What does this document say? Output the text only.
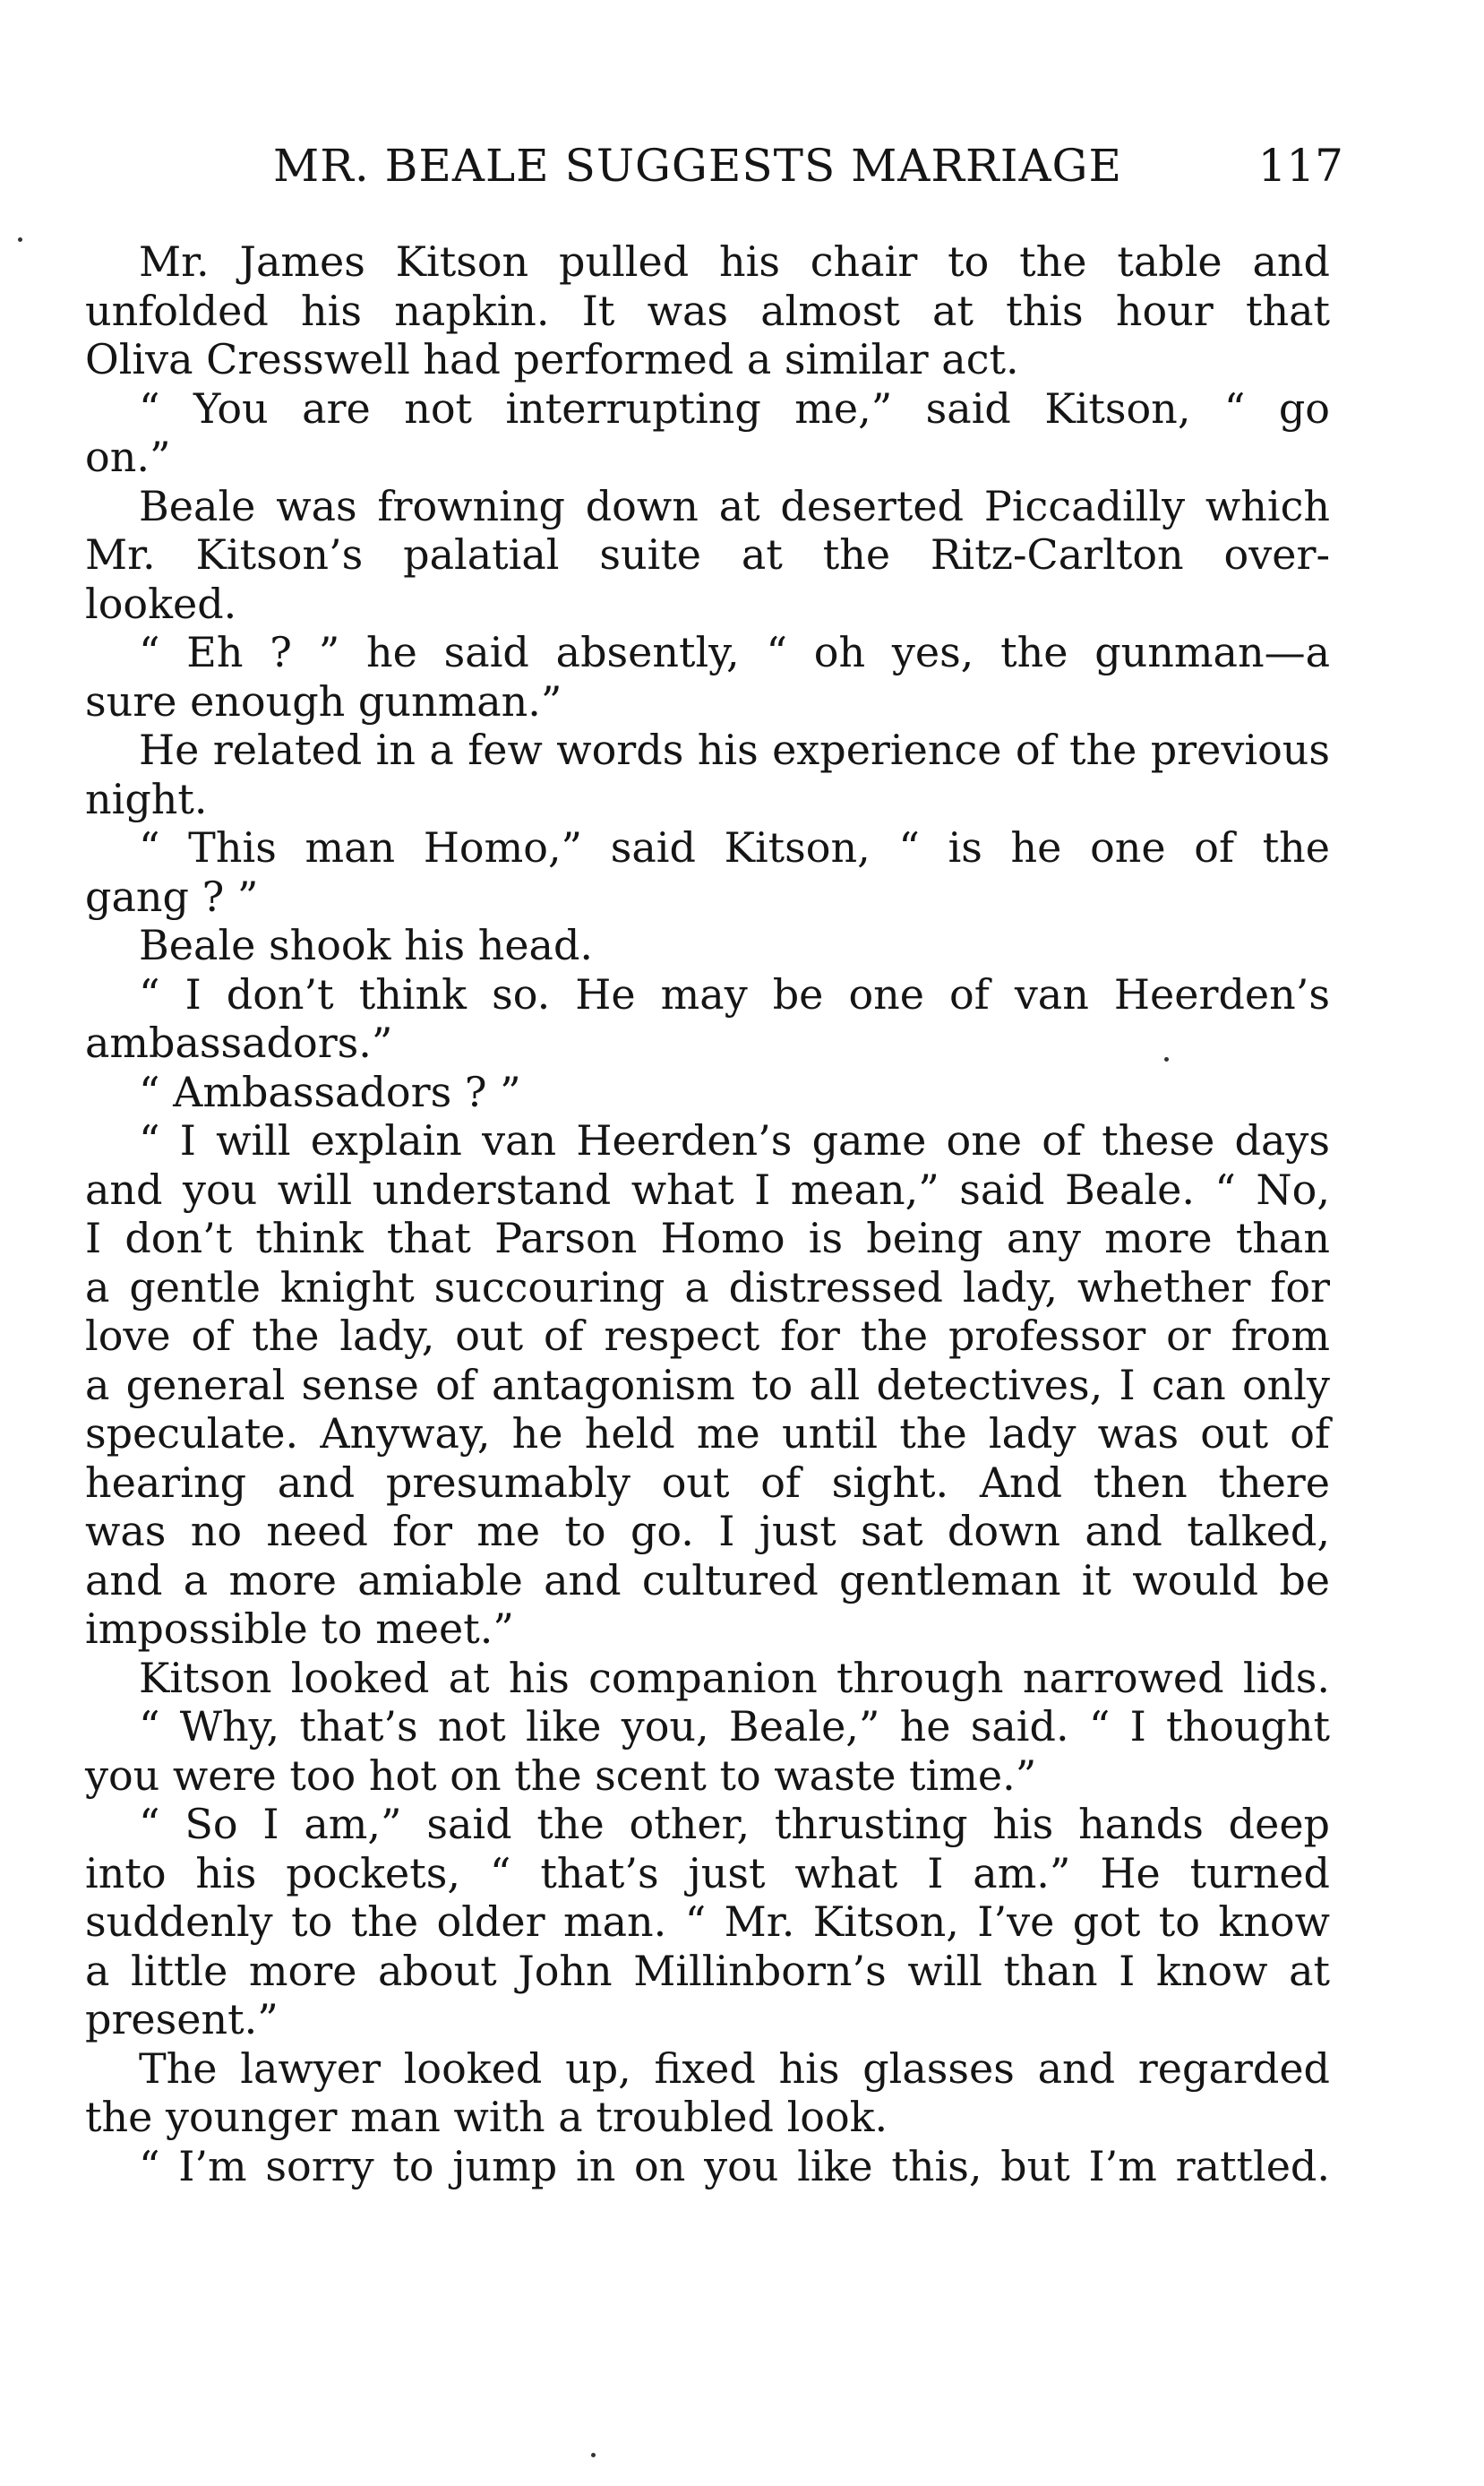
MR. BEALE SUGGESTS MARRIAGE	117
Mr. James Kitson pulled his chair to the table and
unfolded his napkin. It was almost at this hour that
Oliva Cresswell had performed a similar act.
“ You are not interrupting me,” said Kitson, “ go
on.”
Beale was frowning down at deserted Piccadilly which
Mr. Kitson’s palatial suite at the Ritz-Carlton over-
looked.
“ Eh ? ” he said absently, “ oh yes, the gunman—a
sure enough gunman.”
He related in a few words his experience of the previous
night.
“ This man Homo,” said Kitson, “ is he one of the
gang ? ”
Beale shook his head.
“ I don’t think so. He may be one of van Heerden’s
ambassadors.”
“ Ambassadors ? ”
“ I will explain van Heerden’s game one of these days
and you will understand what I mean,” said Beale. “ No,
I don’t think that Parson Homo is being any more than
a gentle knight succouring a distressed lady, whether for
love of the lady, out of respect for the professor or from
a general sense of antagonism to all detectives, I can only
speculate. Anyway, he held me until the lady was out of
hearing and presumably out of sight. And then there
was no need for me to go. I just sat down and talked,
and a more amiable and cultured gentleman it would be
impossible to meet.”
Kitson looked at his companion through narrowed lids.
“ Why, that’s not like you, Beale,” he said. “ I thought
you were too hot on the scent to waste time.”
“ So I am,” said the other, thrusting his hands deep
into his pockets, “ that’s just what I am.” He turned
suddenly to the older man. “ Mr. Kitson, I’ve got to know
a little more about John Millinborn’s will than I know at
present.”
The lawyer looked up, fixed his glasses and regarded
the younger man with a troubled look.
“ I’m sorry to jump in on you like this, but I’m rattled.
